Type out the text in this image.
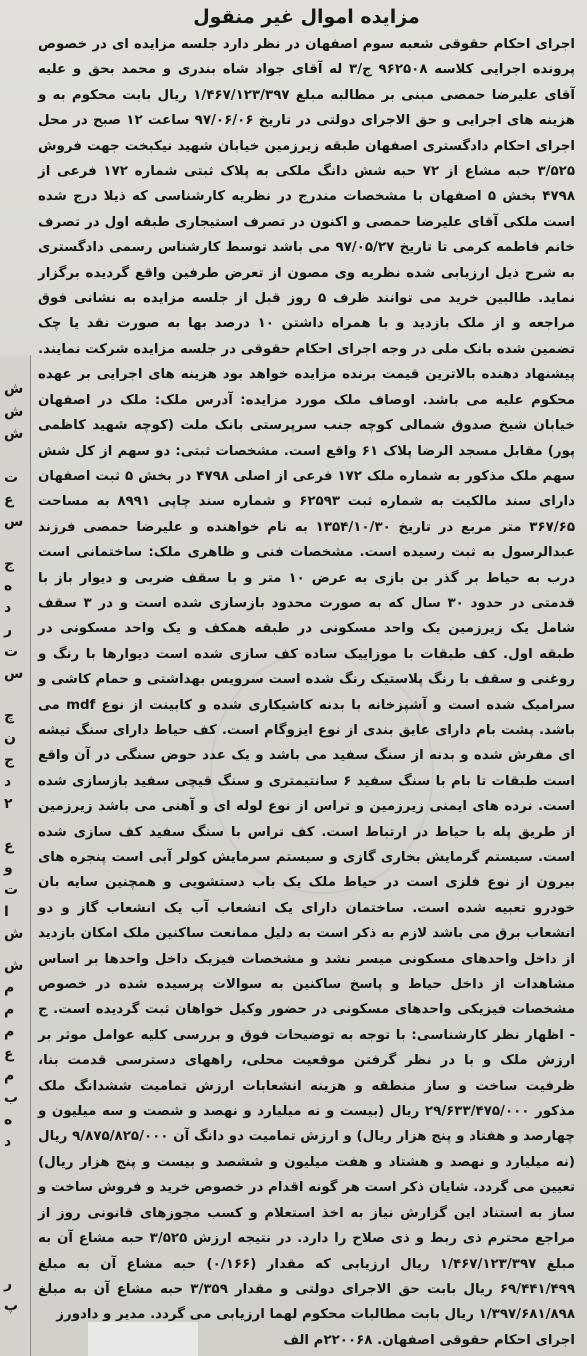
ش
ش
ش
ت
ع
س
ج
ه
د
ر
ت
س
چ
ن
ج
د
۲
ع
و
ت
ا
ش
ش
م
م
م
ع
م
ب
ه
د
ر
پ
مزایده اموال غیر منقول

اجرای احکام حقوقی شعبه سوم اصفهان در نظر دارد جلسه مزایده ای در خصوص پرونده اجرایی کلاسه ۹۶۲۵۰۸ ج/۳ له آقای جواد شاه بندری و محمد بحق و علیه آقای علیرضا حمصی مبنی بر مطالبه مبلغ ۱/۴۶۷/۱۲۳/۳۹۷ ریال بابت محکوم به و هزینه های اجرایی و حق الاجرای دولتی در تاریخ ۹۷/۰۶/۰۶ ساعت ۱۲ صبح در محل اجرای احکام دادگستری اصفهان طبقه زیرزمین خیابان شهید نیکبخت جهت فروش ۳/۵۲۵ حبه مشاع از ۷۲ حبه شش دانگ ملکی به پلاک ثبتی شماره ۱۷۲ فرعی از ۴۷۹۸ بخش ۵ اصفهان با مشخصات مندرج در نظریه کارشناسی که ذیلا درج شده است ملکی آقای علیرضا حمصی و اکنون در تصرف استیجاری طبقه اول در تصرف خانم فاطمه کرمی تا تاریخ ۹۷/۰۵/۲۷ می باشد توسط کارشناس رسمی دادگستری به شرح ذیل ارزیابی شده نظریه وی مصون از تعرض طرفین واقع گردیده برگزار نماید. طالبین خرید می توانند ظرف ۵ روز قبل از جلسه مزایده به نشانی فوق مراجعه و از ملک بازدید و با همراه داشتن ۱۰ درصد بها به صورت نقد یا چک تضمین شده بانک ملی در وجه اجرای احکام حقوقی در جلسه مزایده شرکت نمایند. پیشنهاد دهنده بالاترین قیمت برنده مزایده خواهد بود هزینه های اجرایی بر عهده محکوم علیه می باشد. اوصاف ملک مورد مزایده: آدرس ملک: ملک در اصفهان خیابان شیخ صدوق شمالی کوچه جنب سرپرستی بانک ملت (کوچه شهید کاظمی پور) مقابل مسجد الرضا پلاک ۶۱ واقع است. مشخصات ثبتی: دو سهم از کل شش سهم ملک مذکور به شماره ملک ۱۷۲ فرعی از اصلی ۴۷۹۸ در بخش ۵ ثبت اصفهان دارای سند مالکیت به شماره ثبت ۶۲۵۹۳ و شماره سند چاپی ۸۹۹۱ به مساحت ۳۶۷/۶۵ متر مربع در تاریخ ۱۳۵۴/۱۰/۳۰ به نام خواهنده و علیرضا حمصی فرزند عبدالرسول به ثبت رسیده است. مشخصات فنی و ظاهری ملک: ساختمانی است درب به حیاط بر گذر بن بازی به عرض ۱۰ متر و با سقف ضربی و دیوار باز با قدمتی در حدود ۳۰ سال که به صورت محدود بازسازی شده است و در ۳ سقف شامل یک زیرزمین یک واحد مسکونی در طبقه همکف و یک واحد مسکونی در طبقه اول. کف طبقات با موزاییک ساده کف سازی شده است دیوارها با رنگ و روغنی و سقف با رنگ پلاستیک رنگ شده است سرویس بهداشتی و حمام کاشی و سرامیک شده است و آشپزخانه با بدنه کاشیکاری شده و کابینت از نوع mdf می باشد. پشت بام دارای عایق بندی از نوع ایزوگام است. کف حیاط دارای سنگ تیشه ای مفرش شده و بدنه از سنگ سفید می باشد و یک عدد حوض سنگی در آن واقع است طبقات تا بام با سنگ سفید ۶ سانتیمتری و سنگ قیچی سفید بازسازی شده است. نرده های ایمنی زیرزمین و تراس از نوع لوله ای و آهنی می باشد زیرزمین از طریق پله با حیاط در ارتباط است. کف تراس با سنگ سفید کف سازی شده است. سیستم گرمایش بخاری گازی و سیستم سرمایش کولر آبی است پنجره های بیرون از نوع فلزی است در حیاط ملک یک باب دستشویی و همچنین سایه بان خودرو تعبیه شده است. ساختمان دارای یک انشعاب آب یک انشعاب گاز و دو انشعاب برق می باشد لازم به ذکر است به دلیل ممانعت ساکنین ملک امکان بازدید از داخل واحدهای مسکونی میسر نشد و مشخصات فیزیک داخل واحدها بر اساس مشاهدات از داخل حیاط و پاسخ ساکنین به سوالات پرسیده شده در خصوص مشخصات فیزیکی واحدهای مسکونی در حضور وکیل خواهان ثبت گردیده است. ج - اظهار نظر کارشناسی: با توجه به توضیحات فوق و بررسی کلیه عوامل موثر بر ارزش ملک و با در نظر گرفتن موقعیت محلی، راههای دسترسی قدمت بنا، ظرفیت ساخت و ساز منطقه و هزینه انشعابات ارزش تمامیت ششدانگ ملک مذکور ۲۹/۶۳۳/۴۷۵/۰۰۰ ریال (بیست و نه میلیارد و نهصد و شصت و سه میلیون و چهارصد و هفتاد و پنج هزار ریال) و ارزش تمامیت دو دانگ آن ۹/۸۷۵/۸۲۵/۰۰۰ ریال (نه میلیارد و نهصد و هشتاد و هفت میلیون و ششصد و بیست و پنج هزار ریال) تعیین می گردد. شایان ذکر است هر گونه اقدام در خصوص خرید و فروش ساخت و ساز به استناد این گزارش نیاز به اخذ استعلام و کسب مجوزهای قانونی روز از مراجع محترم ذی ربط و ذی صلاح را دارد. در نتیجه ارزش ۳/۵۲۵ حبه مشاع آن به مبلغ ۱/۴۶۷/۱۲۳/۳۹۷ ریال ارزیابی که مقدار (۰/۱۶۶) حبه مشاع آن به مبلغ ۶۹/۴۴۱/۴۹۹ ریال بابت حق الاجرای دولتی و مقدار ۳/۳۵۹ حبه مشاع آن به مبلغ ۱/۳۹۷/۶۸۱/۸۹۸ ریال بابت مطالبات محکوم لهما ارزیابی می گردد. مدیر و دادورز

اجرای احکام حقوقی اصفهان. ۲۲۰۰۶۸م الف
